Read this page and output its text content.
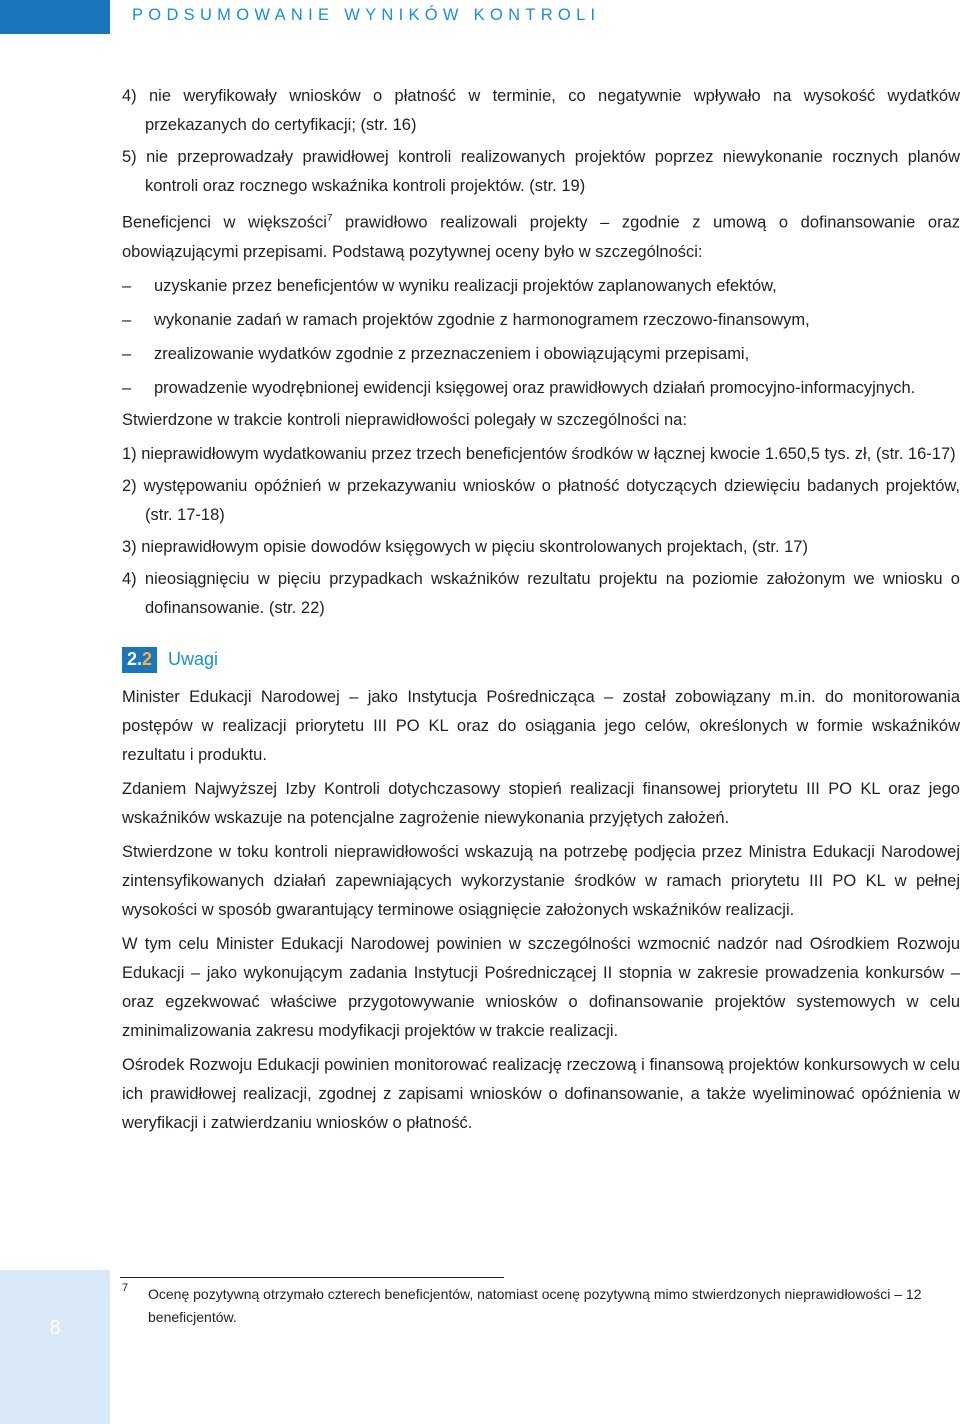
PODSUMOWANIE WYNIKÓW KONTROLI

4) nie weryfikowały wniosków o płatność w terminie, co negatywnie wpływało na wysokość wydatków przekazanych do certyfikacji; (str. 16)

5) nie przeprowadzały prawidłowej kontroli realizowanych projektów poprzez niewykonanie rocznych planów kontroli oraz rocznego wskaźnika kontroli projektów. (str. 19)

Beneficjenci w większości$^7$ prawidłowo realizowali projekty – zgodnie z umową o dofinansowanie oraz obowiązującymi przepisami. Podstawą pozytywnej oceny było w szczególności:

– uzyskanie przez beneficjentów w wyniku realizacji projektów zaplanowanych efektów,
– wykonanie zadań w ramach projektów zgodnie z harmonogramem rzeczowo-finansowym,
– zrealizowanie wydatków zgodnie z przeznaczeniem i obowiązującymi przepisami,
– prowadzenie wyodrębnionej ewidencji księgowej oraz prawidłowych działań promocyjno-informacyjnych.

Stwierdzone w trakcie kontroli nieprawidłowości polegały w szczególności na:

1) nieprawidłowym wydatkowaniu przez trzech beneficjentów środków w łącznej kwocie 1.650,5 tys. zł, (str. 16-17)

2) występowaniu opóźnień w przekazywaniu wniosków o płatność dotyczących dziewięciu badanych projektów, (str. 17-18)

3) nieprawidłowym opisie dowodów księgowych w pięciu skontrolowanych projektach, (str. 17)

4) nieosiągnięciu w pięciu przypadkach wskaźników rezultatu projektu na poziomie założonym we wniosku o dofinansowanie. (str. 22)

2. 2 Uwagi

Minister Edukacji Narodowej – jako Instytucja Pośrednicząca – został zobowiązany m.in. do monitorowania postępów w realizacji priorytetu III PO KL oraz do osiągania jego celów, określonych w formie wskaźników rezultatu i produktu.

Zdaniem Najwyższej Izby Kontroli dotychczasowy stopień realizacji finansowej priorytetu III PO KL oraz jego wskaźników wskazuje na potencjalne zagrożenie niewykonania przyjętych założeń.

Stwierdzone w toku kontroli nieprawidłowości wskazują na potrzebę podjęcia przez Ministra Edukacji Narodowej zintensyfikowanych działań zapewniających wykorzystanie środków w ramach priorytetu III PO KL w pełnej wysokości w sposób gwarantujący terminowe osiągnięcie założonych wskaźników realizacji.

W tym celu Minister Edukacji Narodowej powinien w szczególności wzmocnić nadzór nad Ośrodkiem Rozwoju Edukacji – jako wykonującym zadania Instytucji Pośredniczącej II stopnia w zakresie prowadzenia konkursów – oraz egzekwować właściwe przygotowywanie wniosków o dofinansowanie projektów systemowych w celu zminimalizowania zakresu modyfikacji projektów w trakcie realizacji.

Ośrodek Rozwoju Edukacji powinien monitorować realizację rzeczową i finansową projektów konkursowych w celu ich prawidłowej realizacji, zgodnej z zapisami wniosków o dofinansowanie, a także wyeliminować opóźnienia w weryfikacji i zatwierdzaniu wniosków o płatność.

8
7 Ocenę pozytywną otrzymało czterech beneficjentów, natomiast ocenę pozytywną mimo stwierdzonych nieprawidłowości – 12 beneficjentów.
